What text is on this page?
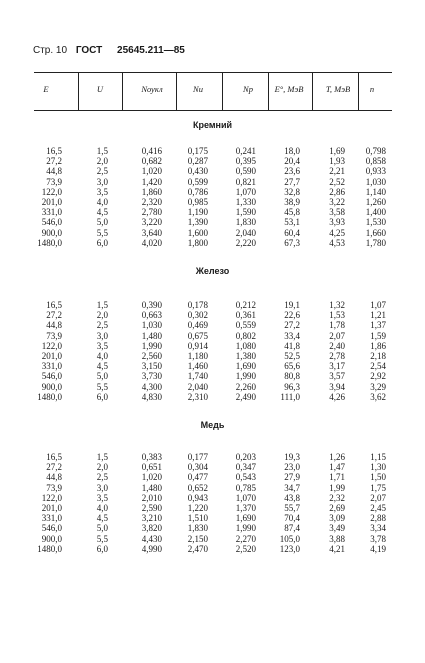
Стр. 10 ГОСТ 25645.211—85
E	U	Nоукл	Nи	Np	E°, МэВ	T, МэВ	n
Кремний
16,5	1,5	0,416	0,175	0,241	18,0	1,69 0,798
27,2	2,0	0,682	0,287	0,395	20,4	1,93 0,858
44,8	2,5	1,020	0,430	0,590	23,6	2,21 0,933
73,9	3,0	1,420	0,599	0,821	27,7	2,52 1,030
122,0	3,5	1,860	0,786	1,070	32,8	2,86 1,140
201,0	4,0	2,320	0,985	1,330	38,9	3,22 1,260
331,0	4,5	2,780	1,190	1,590	45,8	3,58 1,400
546,0	5,0	3,220	1,390	1,830	53,1	3,93 1,530
900,0	5,5	3,640	1,600	2,040	60,4	4,25 1,660
1480,0	6,0	4,020	1,800	2,220	67,3	4,53 1,780
Железо
16,5	1,5	0,390	0,178	0,212	19,1	1,32	1,07
27,2	2,0	0,663	0,302	0,361	22,6	1,53	1,21
44,8	2,5	1,030	0,469	0,559	27,2	1,78	1,37
73,9	3,0	1,480	0,675	0,802	33,4	2,07	1,59
122,0	3,5	1,990	0,914	1,080	41,8	2,40	1,86
201,0	4,0	2,560	1,180	1,380	52,5	2,78	2,18
331,0	4,5	3,150	1,460	1,690	65,6	3,17	2,54
546,0	5,0	3,730	1,740	1,990	80,8	3,57	2,92
900,0	5,5	4,300	2,040	2,260	96,3	3,94	3,29
1480,0	6,0	4,830	2,310	2,490	111,0	4,26	3,62
Медь
16,5	1,5	0,383	0,177	0,203	19,3	1,26	1,15
27,2	2,0	0,651	0,304	0,347	23,0	1,47	1,30
44,8	2,5	1,020	0,477	0,543	27,9	1,71	1,50
73,9	3,0	1,480	0,652	0,785	34,7	1,99	1,75
122,0	3,5	2,010	0,943	1,070	43,8	2,32	2,07
201,0	4,0	2,590	1,220	1,370	55,7	2,69	2,45
331,0	4,5	3,210	1,510	1,690	70,4	3,09	2,88
546,0	5,0	3,820	1,830	1,990	87,4	3,49	3,34
900,0	5,5	4,430	2,150	2,270	105,0	3,88	3,78
1480,0	6,0	4,990	2,470	2,520	123,0	4,21	4,19
